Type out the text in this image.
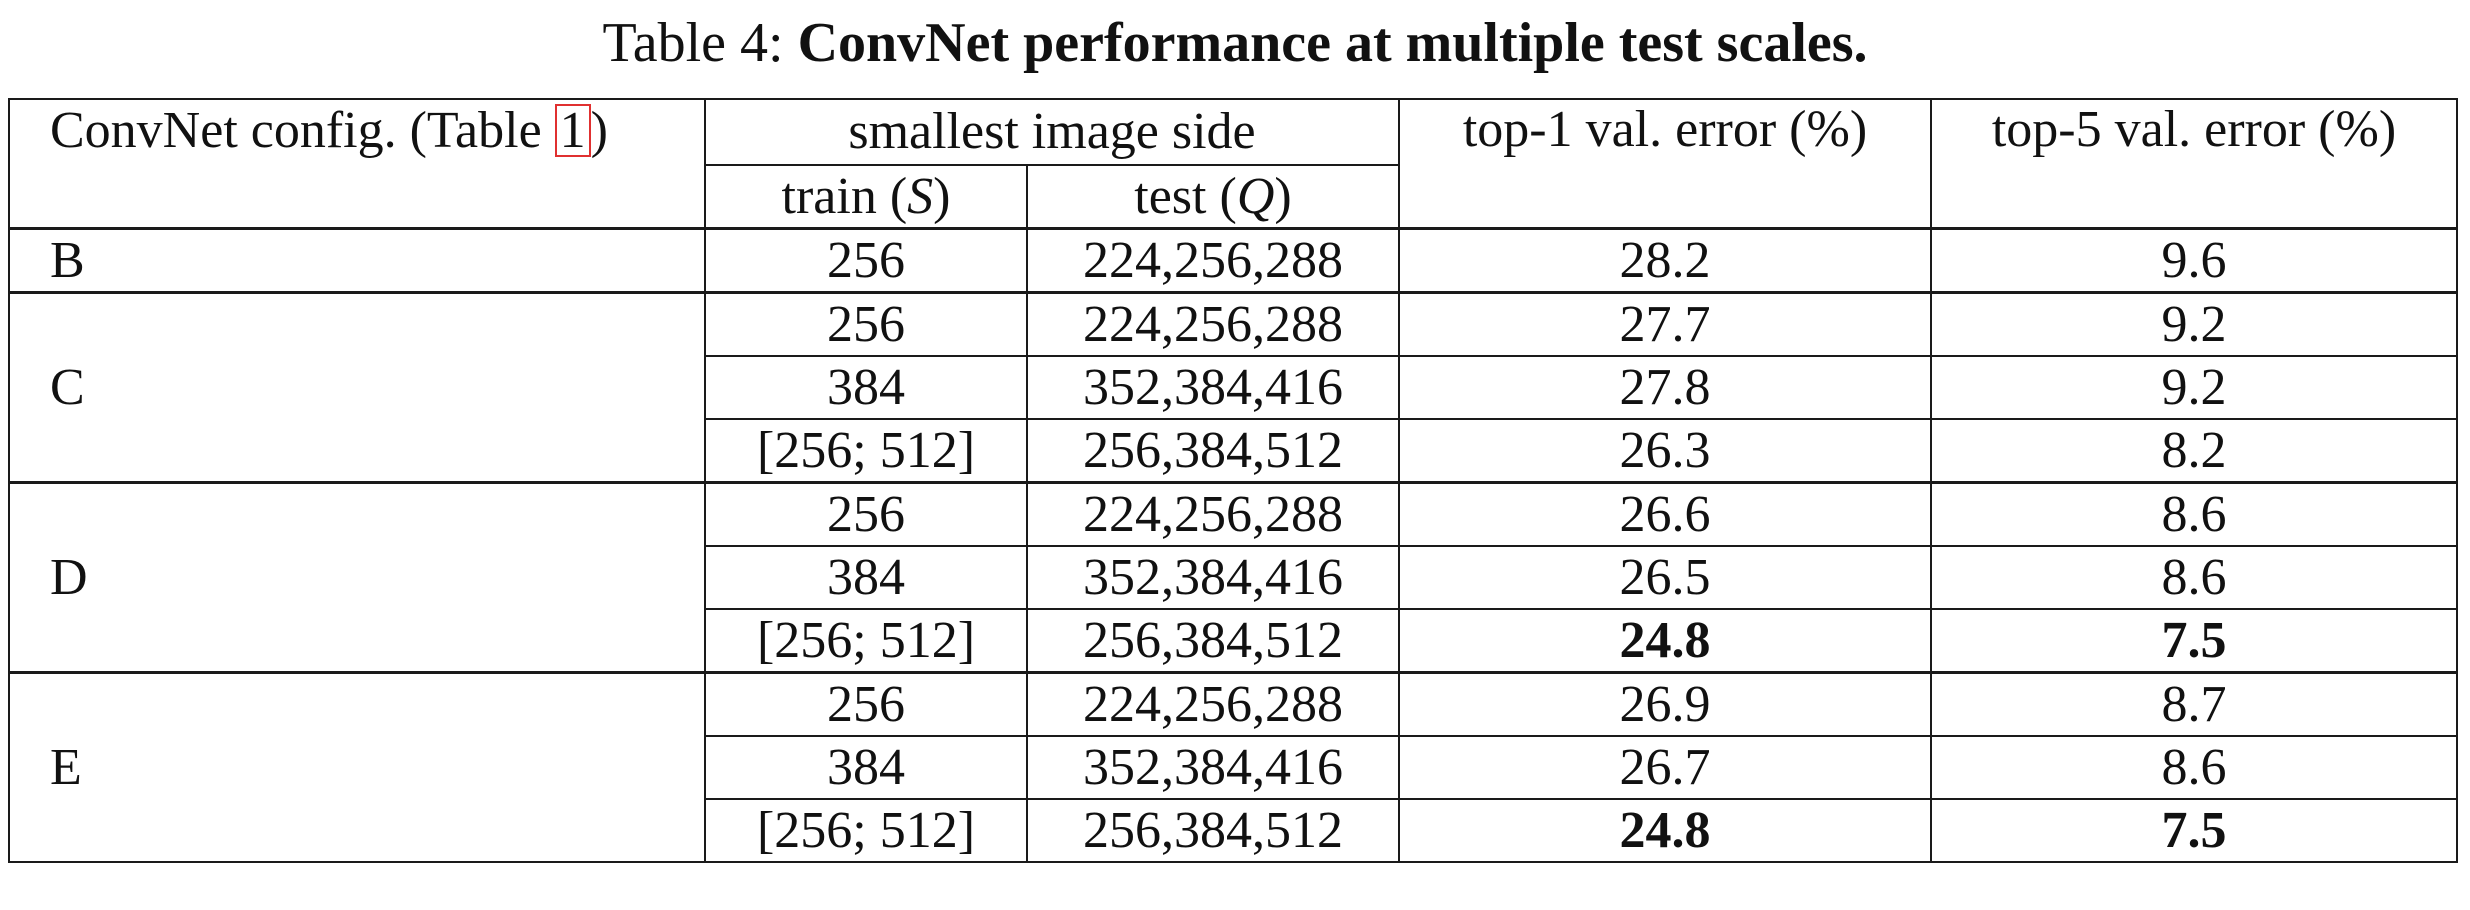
Table 4: ConvNet performance at multiple test scales.
ConvNet config. (Table 1)	smallest image side		top-1 val. error (%)	top-5 val. error (%)
	train (S)	test (Q)		
B	256	224,256,288	28.2	9.6
C	256	224,256,288	27.7	9.2
	384	352,384,416	27.8	9.2
	[256; 512]	256,384,512	26.3	8.2
D	256	224,256,288	26.6	8.6
	384	352,384,416	26.5	8.6
	[256; 512]	256,384,512	24.8	7.5
E	256	224,256,288	26.9	8.7
	384	352,384,416	26.7	8.6
	[256; 512]	256,384,512	24.8	7.5
